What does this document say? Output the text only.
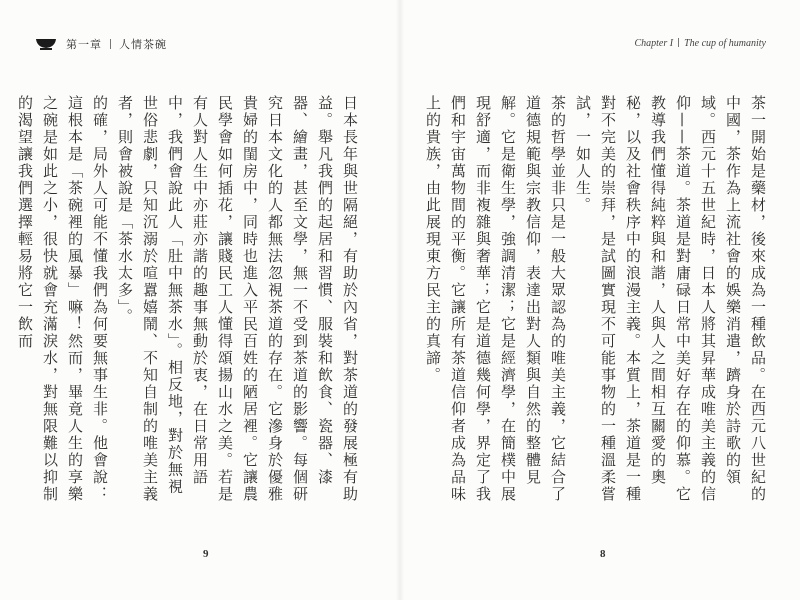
第一章 人情茶碗

日本長年與世隔絕，有助於內省，對茶道的發展極有助益。舉凡我們的起居和習慣、服裝和飲食、瓷器、漆器、繪畫，甚至文學，無一不受到茶道的影響。每個研究日本文化的人都無法忽視茶道的存在。它滲身於優雅貴婦的閨房中，同時也進入平民百姓的陋居裡。它讓農民學會如何插花，讓賤民工人懂得頌揚山水之美。若是有人對人生中亦莊亦諧的趣事無動於衷，在日常用語中，我們會說此人「肚中無茶水」。相反地，對於無視世俗悲劇，只知沉溺於喧囂嬉鬧、不知自制的唯美主義者，則會被說是「茶水太多」。

的確，局外人可能不懂我們為何要無事生非。他會說：這根本是「茶碗裡的風暴」嘛！然而，畢竟人生的享樂之碗是如此之小，很快就會充滿淚水，對無限難以抑制的渴望讓我們選擇輕易將它一飲而

9
Chapter I The cup of humanity

茶一開始是藥材，後來成為一種飲品。在西元八世紀的中國，茶作為上流社會的娛樂消遣，躋身於詩歌的領域。西元十五世紀時，日本人將其昇華成唯美主義的信仰——茶道。茶道是對庸碌日常中美好存在的仰慕。它教導我們懂得純粹與和諧，人與人之間相互關愛的奧秘，以及社會秩序中的浪漫主義。本質上，茶道是一種對不完美的崇拜，是試圖實現不可能事物的一種溫柔嘗試，一如人生。

茶的哲學並非只是一般大眾認為的唯美主義，它結合了道德規範與宗教信仰，表達出對人類與自然的整體見解。它是衛生學，強調清潔；它是經濟學，在簡樸中展現舒適，而非複雜與奢華；它是道德幾何學，界定了我們和宇宙萬物間的平衡。它讓所有茶道信仰者成為品味上的貴族，由此展現東方民主的真諦。

8
